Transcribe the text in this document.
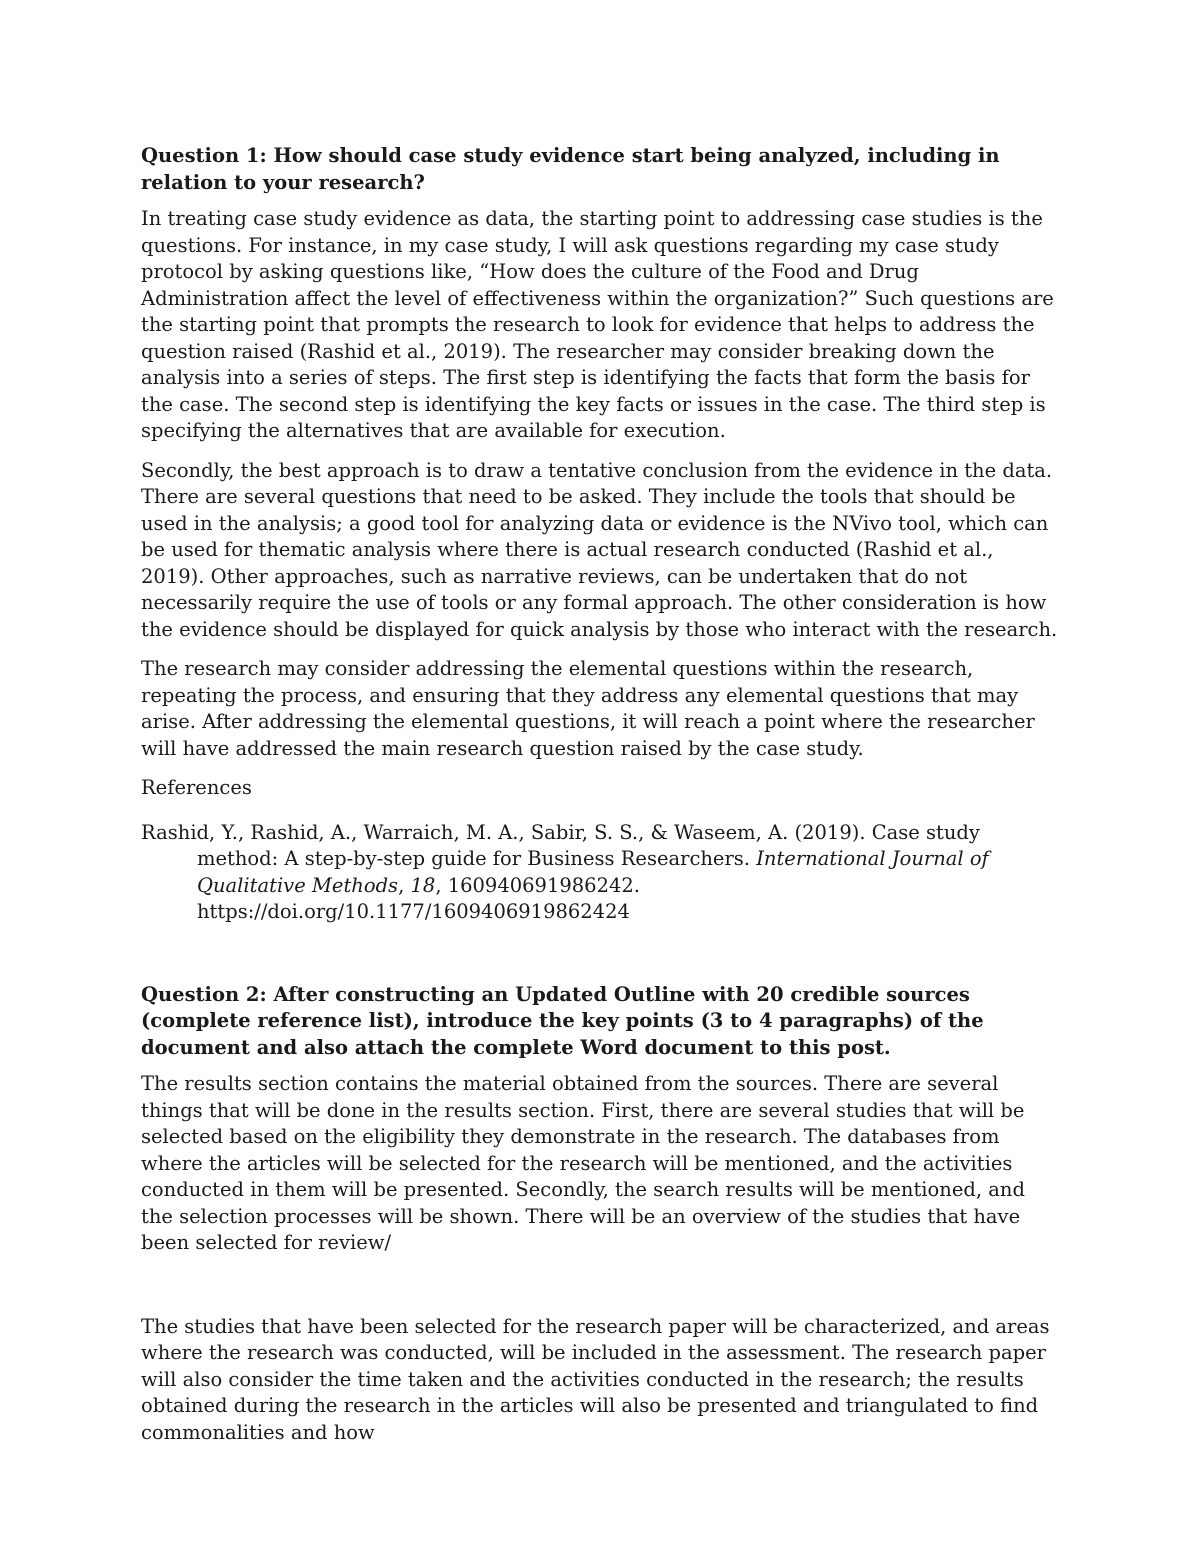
Question 1: How should case study evidence start being analyzed, including in relation to your research?

In treating case study evidence as data, the starting point to addressing case studies is the questions. For instance, in my case study, I will ask questions regarding my case study protocol by asking questions like, “How does the culture of the Food and Drug Administration affect the level of effectiveness within the organization?” Such questions are the starting point that prompts the research to look for evidence that helps to address the question raised (Rashid et al., 2019). The researcher may consider breaking down the analysis into a series of steps. The first step is identifying the facts that form the basis for the case. The second step is identifying the key facts or issues in the case. The third step is specifying the alternatives that are available for execution.

Secondly, the best approach is to draw a tentative conclusion from the evidence in the data. There are several questions that need to be asked. They include the tools that should be used in the analysis; a good tool for analyzing data or evidence is the NVivo tool, which can be used for thematic analysis where there is actual research conducted (Rashid et al., 2019). Other approaches, such as narrative reviews, can be undertaken that do not necessarily require the use of tools or any formal approach. The other consideration is how the evidence should be displayed for quick analysis by those who interact with the research.

The research may consider addressing the elemental questions within the research, repeating the process, and ensuring that they address any elemental questions that may arise. After addressing the elemental questions, it will reach a point where the researcher will have addressed the main research question raised by the case study.

References

Rashid, Y., Rashid, A., Warraich, M. A., Sabir, S. S., & Waseem, A. (2019). Case study method: A step-by-step guide for Business Researchers. International Journal of Qualitative Methods, 18, 160940691986242. https://doi.org/10.1177/1609406919862424

Question 2: After constructing an Updated Outline with 20 credible sources (complete reference list), introduce the key points (3 to 4 paragraphs) of the document and also attach the complete Word document to this post.

The results section contains the material obtained from the sources. There are several things that will be done in the results section. First, there are several studies that will be selected based on the eligibility they demonstrate in the research. The databases from where the articles will be selected for the research will be mentioned, and the activities conducted in them will be presented. Secondly, the search results will be mentioned, and the selection processes will be shown. There will be an overview of the studies that have been selected for review/

The studies that have been selected for the research paper will be characterized, and areas where the research was conducted, will be included in the assessment. The research paper will also consider the time taken and the activities conducted in the research; the results obtained during the research in the articles will also be presented and triangulated to find commonalities and how
